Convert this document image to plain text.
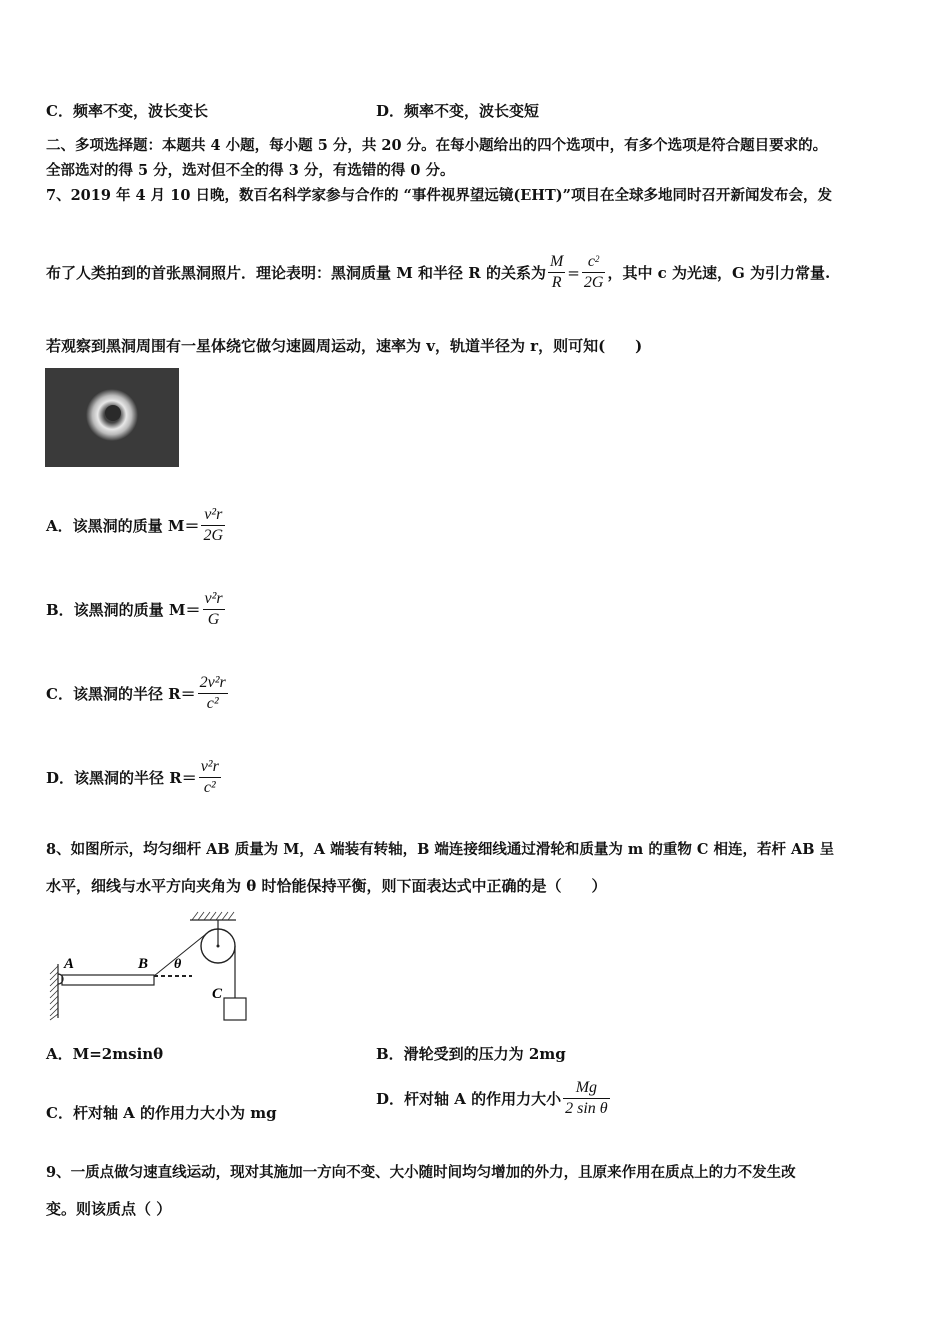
C．频率不变，波长变长	D．频率不变，波长变短
二、多项选择题：本题共 4 小题，每小题 5 分，共 20 分。在每小题给出的四个选项中，有多个选项是符合题目要求的。
全部选对的得 5 分，选对但不全的得 3 分，有选错的得 0 分。
7、2019 年 4 月 10 日晚，数百名科学家参与合作的 “事件视界望远镜(EHT)”项目在全球多地同时召开新闻发布会，发
布了人类拍到的首张黑洞照片．理论表明：黑洞质量 M 和半径 R 的关系为 $\frac{M}{R} = \frac{c^2}{2G}$ ，其中 c 为光速，G 为引力常量.
若观察到黑洞周围有一星体绕它做匀速圆周运动，速率为 v，轨道半径为 r，则可知(　　)
A．该黑洞的质量 $M= \frac{\text{v²r}}{2G}$
B．该黑洞的质量 $M= \frac{\text{v²r}}{G}$
C．该黑洞的半径 $R= \frac{\text{2v²r}}{\text{c²}}$
D．该黑洞的半径 $R= \frac{\text{v²r}}{\text{c²}}$
8、如图所示，均匀细杆 AB 质量为 M，A 端装有转轴，B 端连接细线通过滑轮和质量为 m 的重物 C 相连，若杆 AB 呈
水平，细线与水平方向夹角为 θ 时恰能保持平衡，则下面表达式中正确的是（　　）
A	B θ
C
A．M=2msinθ	B．滑轮受到的压力为 2mg
C．杆对轴 A 的作用力大小为 mg
D．杆对轴 A 的作用力大小 $\frac{Mg}{\text{2 sin θ}}$
9、一质点做匀速直线运动，现对其施加一方向不变、大小随时间均匀增加的外力，且原来作用在质点上的力不发生改
变。则该质点（ ）
